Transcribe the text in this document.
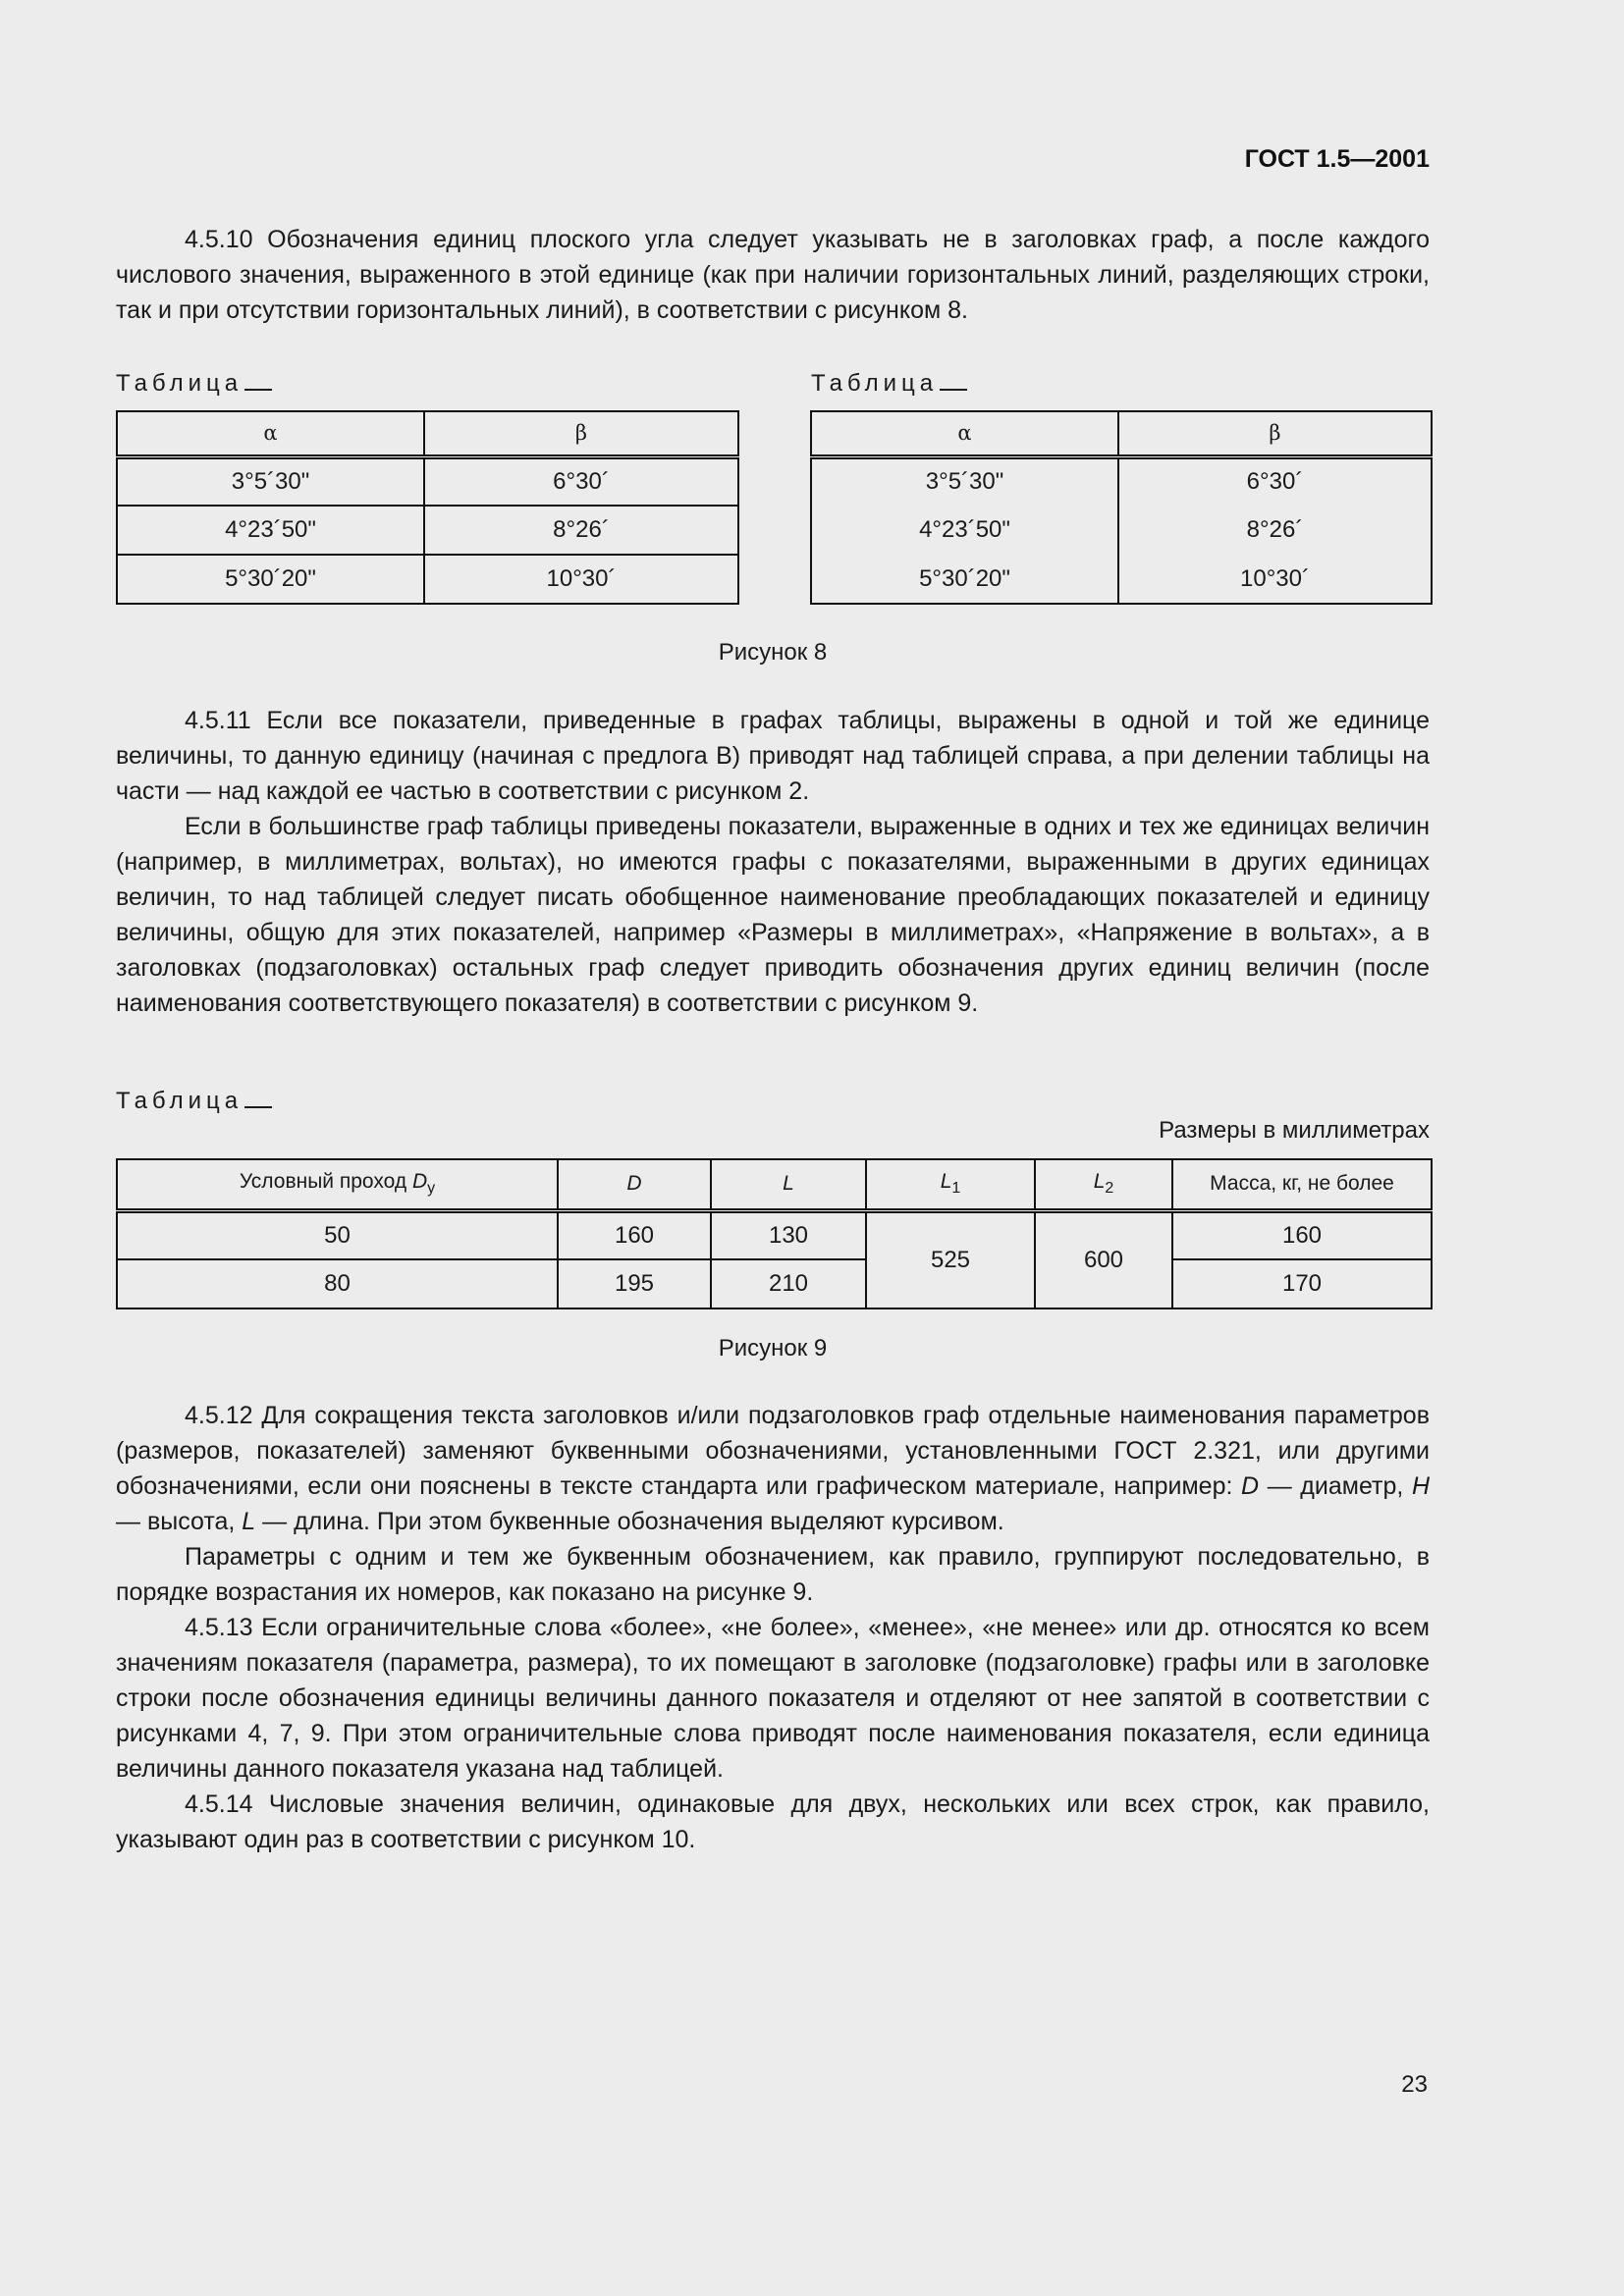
ГОСТ 1.5—2001

4.5.10 Обозначения единиц плоского угла следует указывать не в заголовках граф, а после каждого числового значения, выраженного в этой единице (как при наличии горизонтальных линий, разделяющих строки, так и при отсутствии горизонтальных линий), в соответствии с рисунком 8.

Таблица
α	β
3°5´30"	6°30´
4°23´50"	8°26´
5°30´20"	10°30´
Таблица
α	β
3°5´30"	6°30´
4°23´50"	8°26´
5°30´20"	10°30´
Рисунок 8

4.5.11 Если все показатели, приведенные в графах таблицы, выражены в одной и той же единице величины, то данную единицу (начиная с предлога В) приводят над таблицей справа, а при делении таблицы на части — над каждой ее частью в соответствии с рисунком 2.

Если в большинстве граф таблицы приведены показатели, выраженные в одних и тех же единицах величин (например, в миллиметрах, вольтах), но имеются графы с показателями, выраженными в других единицах величин, то над таблицей следует писать обобщенное наименование преобладающих показателей и единицу величины, общую для этих показателей, например «Размеры в миллиметрах», «Напряжение в вольтах», а в заголовках (подзаголовках) остальных граф следует приводить обозначения других единиц величин (после наименования соответствующего показателя) в соответствии с рисунком 9.

Таблица
Размеры в миллиметрах
Условный проход $D_у$	D	L	$L_1$	$L_2$	Масса, кг, не более
50	160	130	525	600	160
80	195	210			170
Рисунок 9

4.5.12 Для сокращения текста заголовков и/или подзаголовков граф отдельные наименования параметров (размеров, показателей) заменяют буквенными обозначениями, установленными ГОСТ 2.321, или другими обозначениями, если они пояснены в тексте стандарта или графическом материале, например: D — диаметр, H — высота, L — длина. При этом буквенные обозначения выделяют курсивом.

Параметры с одним и тем же буквенным обозначением, как правило, группируют последовательно, в порядке возрастания их номеров, как показано на рисунке 9.

4.5.13 Если ограничительные слова «более», «не более», «менее», «не менее» или др. относятся ко всем значениям показателя (параметра, размера), то их помещают в заголовке (подзаголовке) графы или в заголовке строки после обозначения единицы величины данного показателя и отделяют от нее запятой в соответствии с рисунками 4, 7, 9. При этом ограничительные слова приводят после наименования показателя, если единица величины данного показателя указана над таблицей.

4.5.14 Числовые значения величин, одинаковые для двух, нескольких или всех строк, как правило, указывают один раз в соответствии с рисунком 10.

23
